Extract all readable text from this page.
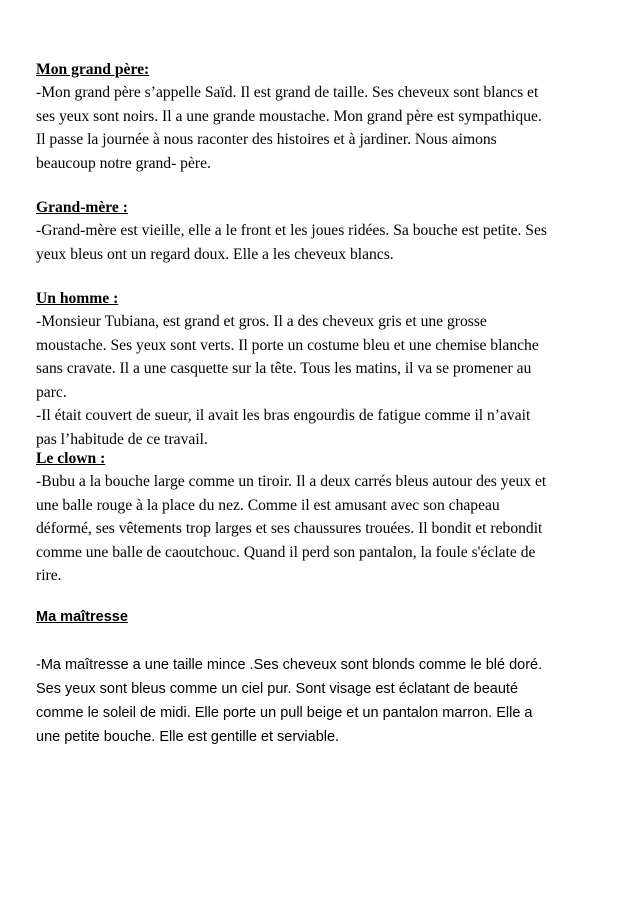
Mon grand père:
-Mon grand père s’appelle Saïd. Il est grand de taille. Ses cheveux sont blancs et
ses yeux sont noirs. Il a une grande moustache. Mon grand père est sympathique.
Il passe la journée à nous raconter des histoires et à jardiner. Nous aimons
beaucoup notre grand- père.
Grand-mère :
-Grand-mère est vieille, elle a le front et les joues ridées. Sa bouche est petite. Ses
yeux bleus ont un regard doux. Elle a les cheveux blancs.
Un homme :
-Monsieur Tubiana, est grand et gros. Il a des cheveux gris et une grosse
moustache. Ses yeux sont verts. Il porte un costume bleu et une chemise blanche
sans cravate. Il a une casquette sur la tête. Tous les matins, il va se promener au
parc.
-Il était couvert de sueur, il avait les bras engourdis de fatigue comme il n’avait
pas l’habitude de ce travail.
Le clown :
-Bubu a la bouche large comme un tiroir. Il a deux carrés bleus autour des yeux et
une balle rouge à la place du nez. Comme il est amusant avec son chapeau
déformé, ses vêtements trop larges et ses chaussures trouées. Il bondit et rebondit
comme une balle de caoutchouc. Quand il perd son pantalon, la foule s'éclate de
rire.
Ma maîtresse
-Ma maîtresse a une taille mince .Ses cheveux sont blonds comme le blé doré.
Ses yeux sont bleus comme un ciel pur. Sont visage est éclatant de beauté
comme le soleil de midi. Elle porte un pull beige et un pantalon marron. Elle a
une petite bouche. Elle est gentille et serviable.
